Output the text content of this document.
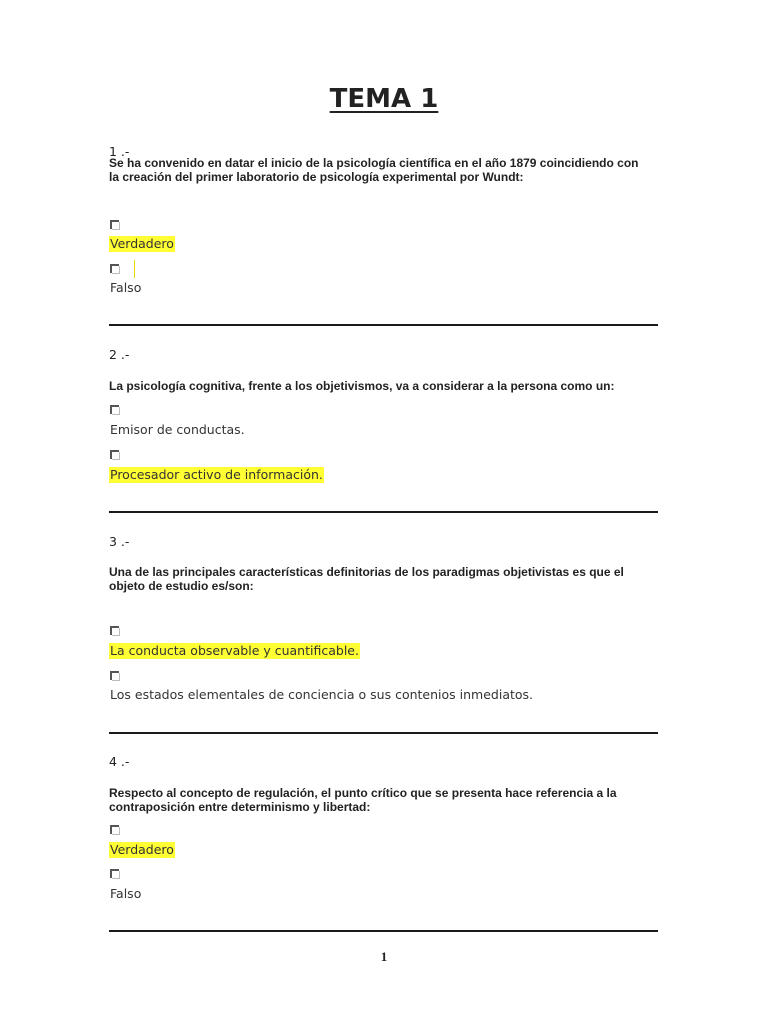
TEMA 1
1 .-
Se ha convenido en datar el inicio de la psicología científica en el año 1879 coincidiendo con la creación del primer laboratorio de psicología experimental por Wundt:
Verdadero
Falso
2 .-
La psicología cognitiva, frente a los objetivismos, va a considerar a la persona como un:
Emisor de conductas.
Procesador activo de información.
3 .-
Una de las principales características definitorias de los paradigmas objetivistas es que el objeto de estudio es/son:
La conducta observable y cuantificable.
Los estados elementales de conciencia o sus contenios inmediatos.
4 .-
Respecto al concepto de regulación, el punto crítico que se presenta hace referencia a la contraposición entre determinismo y libertad:
Verdadero
Falso
1
